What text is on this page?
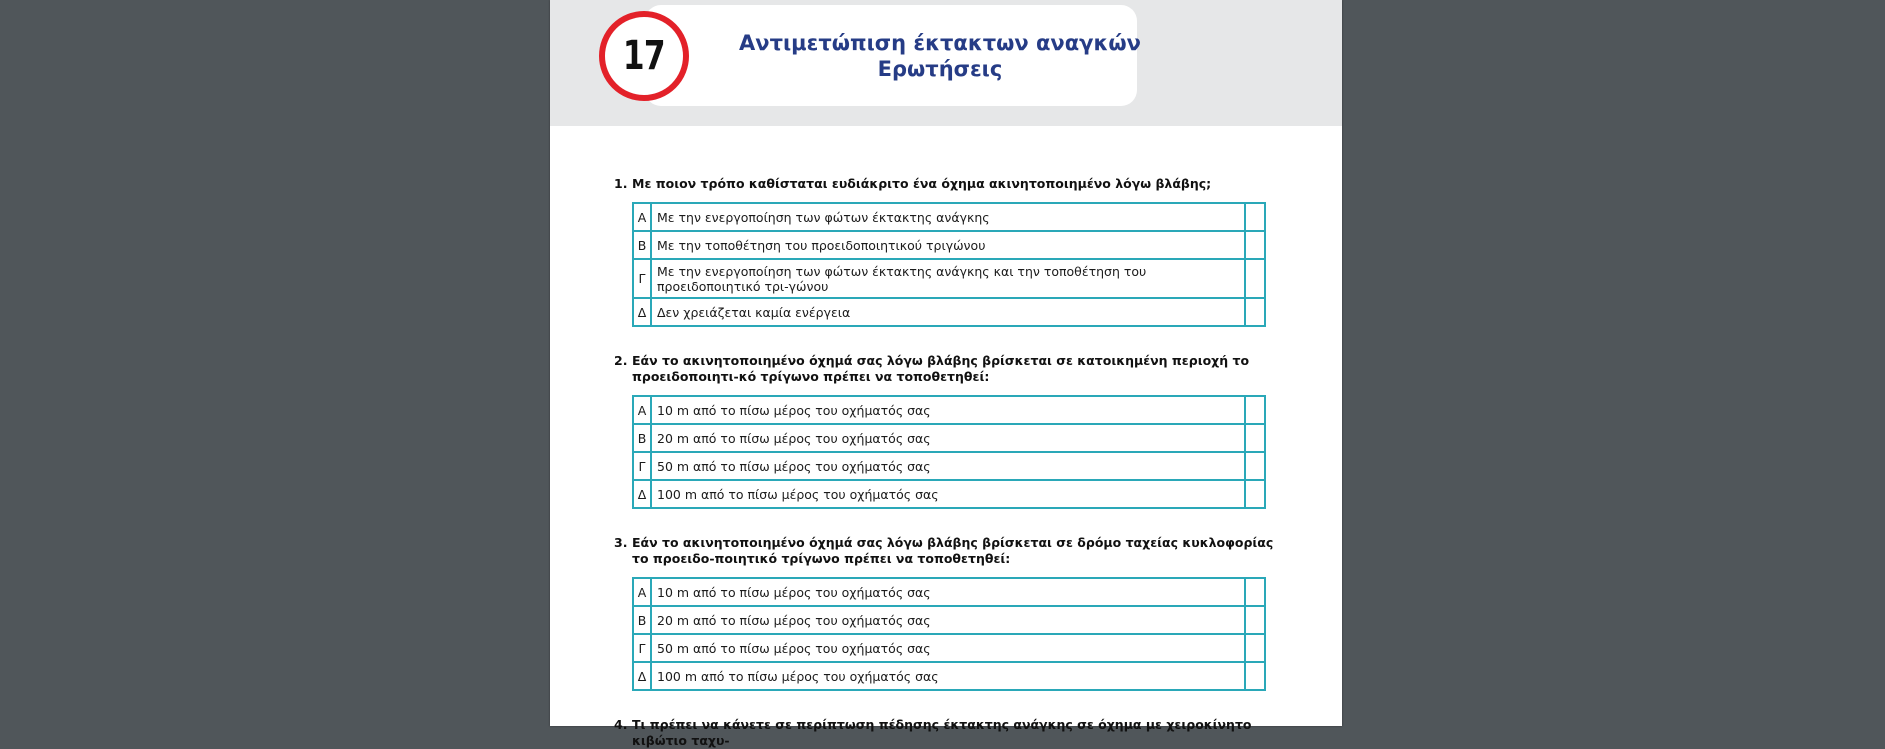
17	Αντιμετώπιση έκτακτων αναγκών
Ερωτήσεις
1. Με ποιον τρόπο καθίσταται ευδιάκριτο ένα όχημα ακινητοποιημένο λόγω βλάβης;
Α	Με την ενεργοποίηση των φώτων έκτακτης ανάγκης	
Β	Με την τοποθέτηση του προειδοποιητικού τριγώνου	
Γ	Με την ενεργοποίηση των φώτων έκτακτης ανάγκης και την τοποθέτηση του προειδοποιητικό τρι-γώνου	
Δ	Δεν χρειάζεται καμία ενέργεια	
2. Εάν το ακινητοποιημένο όχημά σας λόγω βλάβης βρίσκεται σε κατοικημένη περιοχή το προειδοποιητι-κό τρίγωνο πρέπει να τοποθετηθεί:
Α	10 m από το πίσω μέρος του οχήματός σας	
Β	20 m από το πίσω μέρος του οχήματός σας	
Γ	50 m από το πίσω μέρος του οχήματός σας	
Δ	100 m από το πίσω μέρος του οχήματός σας	
3. Εάν το ακινητοποιημένο όχημά σας λόγω βλάβης βρίσκεται σε δρόμο ταχείας κυκλοφορίας το προειδο-ποιητικό τρίγωνο πρέπει να τοποθετηθεί:
Α	10 m από το πίσω μέρος του οχήματός σας	
Β	20 m από το πίσω μέρος του οχήματός σας	
Γ	50 m από το πίσω μέρος του οχήματός σας	
Δ	100 m από το πίσω μέρος του οχήματός σας	
4. Τι πρέπει να κάνετε σε περίπτωση πέδησης έκτακτης ανάγκης σε όχημα με χειροκίνητο κιβώτιο ταχυ-
